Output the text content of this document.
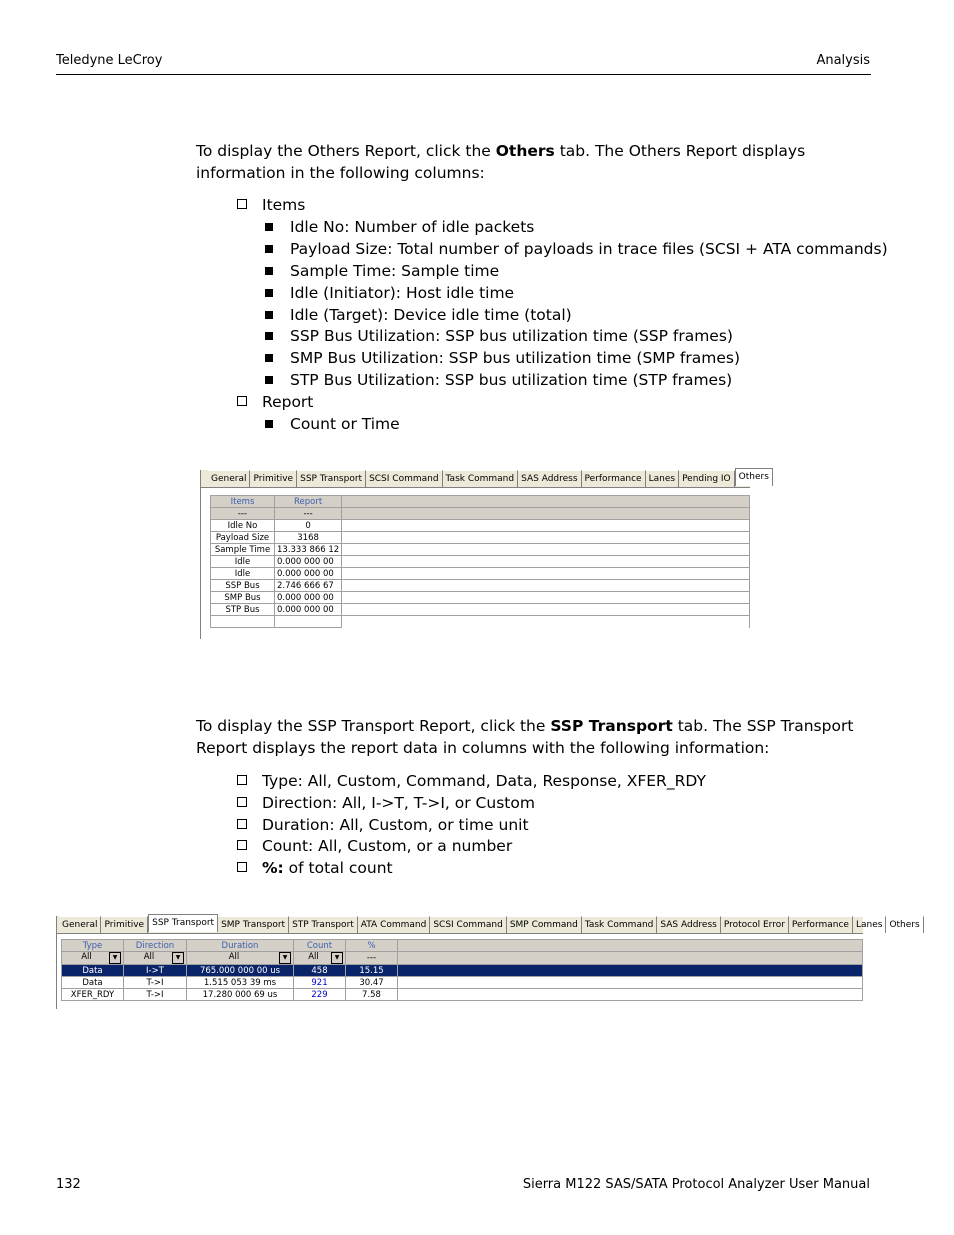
Teledyne LeCroy	Analysis
To display the Others Report, click the Others tab. The Others Report displays information in the following columns:
Items
Idle No: Number of idle packets
Payload Size: Total number of payloads in trace files (SCSI + ATA commands)
Sample Time: Sample time
Idle (Initiator): Host idle time
Idle (Target): Device idle time (total)
SSP Bus Utilization: SSP bus utilization time (SSP frames)
SMP Bus Utilization: SSP bus utilization time (SMP frames)
STP Bus Utilization: SSP bus utilization time (STP frames)
Report
Count or Time
General Primitive SSP Transport SCSI Command Task Command SAS Address Performance Lanes Pending IO Others
Items	Report	
---	---	
Idle No	0	
Payload Size	3168	
Sample Time	13.333 866 12	
Idle	0.000 000 00	
Idle	0.000 000 00	
SSP Bus	2.746 666 67	
SMP Bus	0.000 000 00	
STP Bus	0.000 000 00	

To display the SSP Transport Report, click the SSP Transport tab. The SSP Transport Report displays the report data in columns with the following information:
Type: All, Custom, Command, Data, Response, XFER_RDY
Direction: All, I->T, T->I, or Custom
Duration: All, Custom, or time unit
Count: All, Custom, or a number
%: of total count
General Primitive SSP Transport SMP Transport STP Transport ATA Command SCSI Command SMP Command Task Command SAS Address Protocol Error Performance Lanes Others
Type	Direction	Duration	Count	%	
All ▼	All ▼	All ▼	All ▼	---	
Data	I->T	765.000 000 00 us	458	15.15	
Data	T->I	1.515 053 39 ms	921	30.47	
XFER_RDY	T->I	17.280 000 69 us	229	7.58	
132	Sierra M122 SAS/SATA Protocol Analyzer User Manual
